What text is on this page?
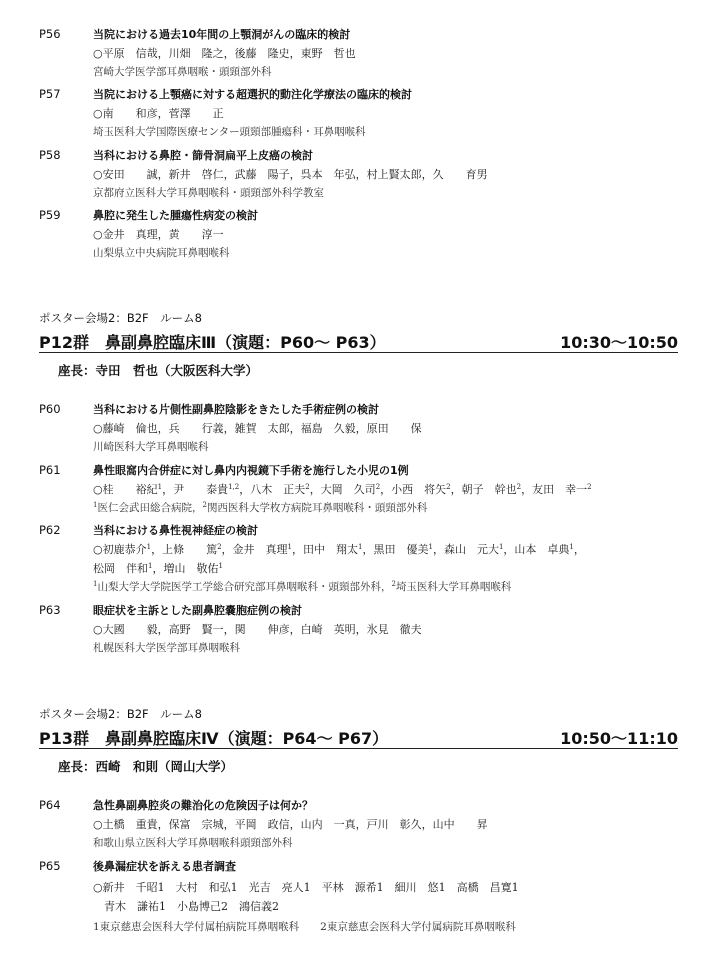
P56	当院における過去10年間の上顎洞がんの臨床的検討
○平原　信哉，川畑　隆之，後藤　隆史，東野　哲也
宮崎大学医学部耳鼻咽喉・頭頸部外科
P57	当院における上顎癌に対する超選択的動注化学療法の臨床的検討
○南　　和彦，菅澤　　正
埼玉医科大学国際医療センター頭頸部腫瘍科・耳鼻咽喉科
P58	当科における鼻腔・篩骨洞扁平上皮癌の検討
○安田　　誠，新井　啓仁，武藤　陽子，呉本　年弘，村上賢太郎，久　　育男
京都府立医科大学耳鼻咽喉科・頭頸部外科学教室
P59	鼻腔に発生した腫瘍性病変の検討
○金井　真理，黄　　淳一
山梨県立中央病院耳鼻咽喉科
ポスター会場2：B2F　ルーム8
P12群　鼻副鼻腔臨床Ⅲ（演題：P60～ P63）	10:30～10:50
座長：寺田　哲也（大阪医科大学）
P60	当科における片側性副鼻腔陰影をきたした手術症例の検討
○藤崎　倫也，兵　　行義，雑賀　太郎，福島　久毅，原田　　保
川崎医科大学耳鼻咽喉科
P61	鼻性眼窩内合併症に対し鼻内内視鏡下手術を施行した小児の1例
○桂　　裕紀$^1$，尹　　泰貴$^{1,2}$，八木　正夫$^2$，大岡　久司$^2$，小西　将矢$^2$，朝子　幹也$^2$，友田　幸一$^2$
$^1$医仁会武田総合病院，$^2$関西医科大学枚方病院耳鼻咽喉科・頭頸部外科
P62	当科における鼻性視神経症の検討
○初鹿恭介$^1$，上條　　篤$^2$，金井　真理$^1$，田中　翔太$^1$，黒田　優美$^1$，森山　元大$^1$，山本　卓典$^1$，
松岡　伴和$^1$，増山　敬佑$^1$
$^1$山梨大学大学院医学工学総合研究部耳鼻咽喉科・頭頸部外科，$^2$埼玉医科大学耳鼻咽喉科
P63	眼症状を主訴とした副鼻腔嚢胞症例の検討
○大國　　毅，高野　賢一，関　　伸彦，白崎　英明，氷見　徹夫
札幌医科大学医学部耳鼻咽喉科
ポスター会場2：B2F　ルーム8
P13群　鼻副鼻腔臨床Ⅳ（演題：P64～ P67）	10:50～11:10
座長：西崎　和則（岡山大学）
P64	急性鼻副鼻腔炎の難治化の危険因子は何か？
○土橋　重貴，保富　宗城，平岡　政信，山内　一真，戸川　彰久，山中　　昇
和歌山県立医科大学耳鼻咽喉科頭頸部外科
P65	後鼻漏症状を訴える患者調査
○新井　千昭1　大村　和弘1　光吉　亮人1　平林　源希1　細川　悠1　高橋　昌寛1
　青木　謙祐1　小島博己2　鴻信義2
1東京慈恵会医科大学付属柏病院耳鼻咽喉科　　2東京慈恵会医科大学付属病院耳鼻咽喉科
